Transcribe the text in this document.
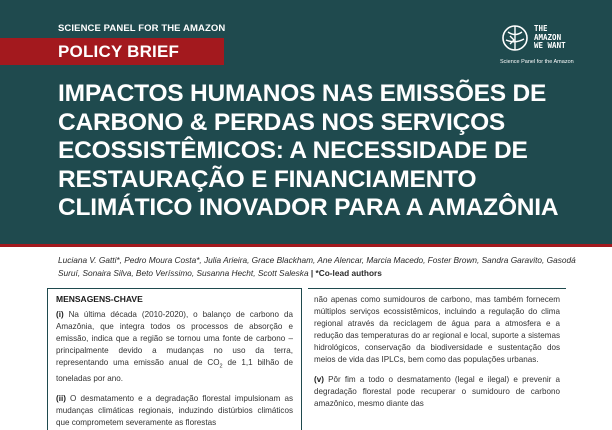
SCIENCE PANEL FOR THE AMAZON
POLICY BRIEF
THE
AMAZON
WE WANT
Science Panel for the Amazon
IMPACTOS HUMANOS NAS EMISSÕES DE CARBONO & PERDAS NOS SERVIÇOS ECOSSISTÊMICOS: A NECESSIDADE DE RESTAURAÇÃO E FINANCIAMENTO CLIMÁTICO INOVADOR PARA A AMAZÔNIA
Luciana V. Gatti*, Pedro Moura Costa*, Julia Arieira, Grace Blackham, Ane Alencar, Marcia Macedo, Foster Brown, Sandra Garavito, Gasodá Suruí, Sonaira Silva, Beto Veríssimo, Susanna Hecht, Scott Saleska | *Co-lead authors
MENSAGENS-CHAVE

(i) Na última década (2010-2020), o balanço de carbono da Amazônia, que integra todos os processos de absorção e emissão, indica que a região se tornou uma fonte de carbono – principalmente devido a mudanças no uso da terra, representando uma emissão anual de $CO_2$ de 1,1 bilhão de toneladas por ano.

(ii) O desmatamento e a degradação florestal impulsionam as mudanças climáticas regionais, induzindo distúrbios climáticos que comprometem severamente as florestas

não apenas como sumidouros de carbono, mas também fornecem múltiplos serviços ecossistêmicos, incluindo a regulação do clima regional através da reciclagem de água para a atmosfera e a redução das temperaturas do ar regional e local, suporte a sistemas hidrológicos, conservação da biodiversidade e sustentação dos meios de vida das IPLCs, bem como das populações urbanas.

(v) Pôr fim a todo o desmatamento (legal e ilegal) e prevenir a degradação florestal pode recuperar o sumidouro de carbono amazônico, mesmo diante das
